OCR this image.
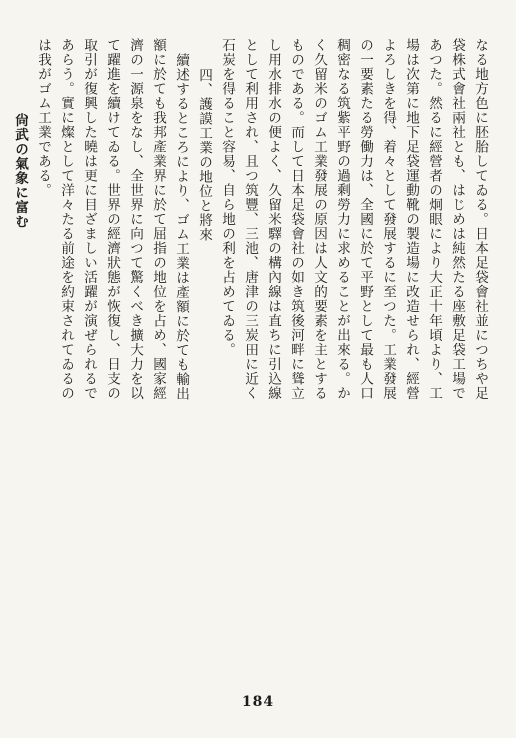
なる地方色に胚胎してゐる。日本足袋會社並につちや足
袋株式會社兩社とも、はじめは純然たる座敷足袋工場で
あつた。然るに經營者の炯眼により大正十年頃より、工
場は次第に地下足袋運動靴の製造場に改造せられ、經營
よろしきを得、着々として發展するに至つた。工業發展
の一要素たる勞働力は、全國に於て平野として最も人口
稠密なる筑紫平野の過剩勞力に求めることが出來る。か
く久留米のゴム工業發展の原因は人文的要素を主とする
ものである。而して日本足袋會社の如き筑後河畔に聳立
し用水排水の便よく、久留米驛の構內線は直ちに引込線
として利用され、且つ筑豐、三池、唐津の三炭田に近く
石炭を得ること容易、自ら地の利を占めてゐる。
四、護謨工業の地位と將來
續述するところにより、ゴム工業は產額に於ても輸出
額に於ても我邦產業界に於て屈指の地位を占め、國家經
濟の一源泉をなし、全世界に向つて驚くべき擴大力を以
て躍進を續けてゐる。世界の經濟狀態が恢復し、日支の
取引が復興した曉は更に目ざましい活躍が演ぜられるで
あらう。實に燦として洋々たる前途を約束されてゐるの
は我がゴム工業である。
尙武の氣象に富む
184
